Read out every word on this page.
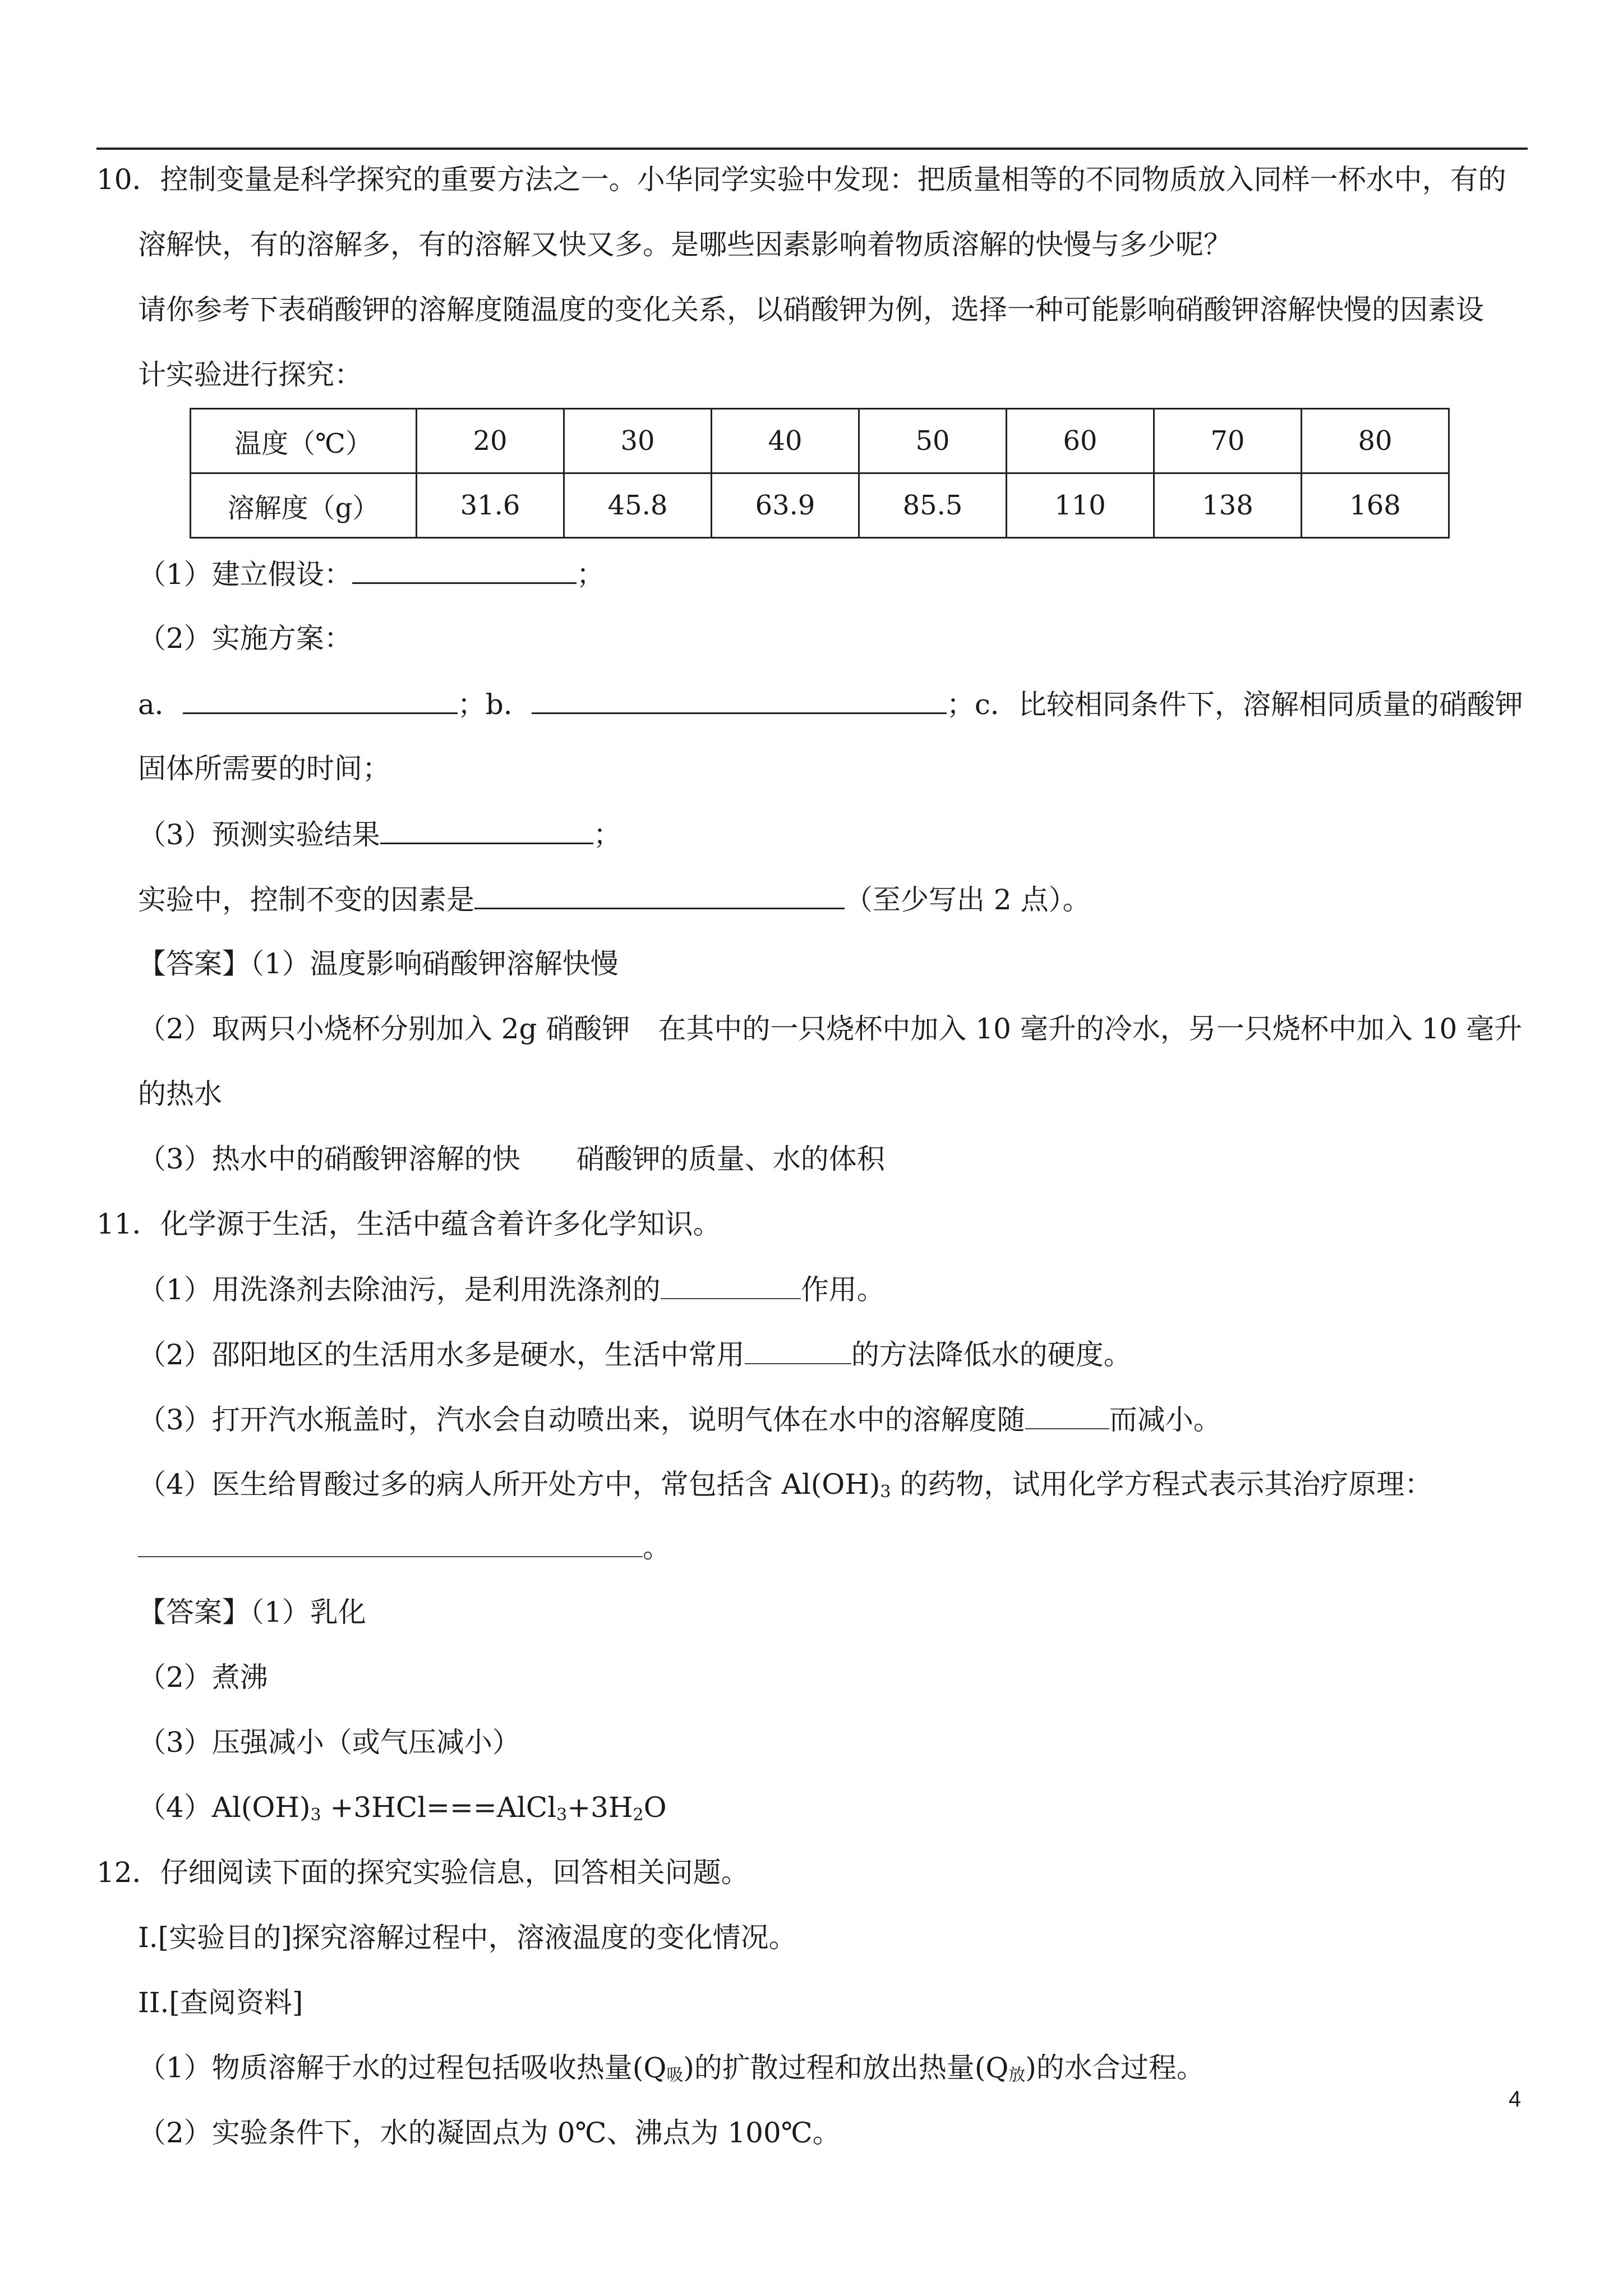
10．控制变量是科学探究的重要方法之一。小华同学实验中发现：把质量相等的不同物质放入同样一杯水中，有的
溶解快，有的溶解多，有的溶解又快又多。是哪些因素影响着物质溶解的快慢与多少呢？
请你参考下表硝酸钾的溶解度随温度的变化关系，以硝酸钾为例，选择一种可能影响硝酸钾溶解快慢的因素设
计实验进行探究：
温度（℃）	20	30	40	50	60	70	80
溶解度（g）	31.6	45.8	63.9	85.5	110	138	168
（1）建立假设：	；
（2）实施方案：
a．	；b．	；c．比较相同条件下，溶解相同质量的硝酸钾
固体所需要的时间；
（3）预测实验结果	；
实验中，控制不变的因素是	（至少写出 2 点）。
【答案】（1）温度影响硝酸钾溶解快慢
（2）取两只小烧杯分别加入 2g 硝酸钾　在其中的一只烧杯中加入 10 毫升的冷水，另一只烧杯中加入 10 毫升
的热水
（3）热水中的硝酸钾溶解的快　　硝酸钾的质量、水的体积
11．化学源于生活，生活中蕴含着许多化学知识。
（1）用洗涤剂去除油污，是利用洗涤剂的	作用。
（2）邵阳地区的生活用水多是硬水，生活中常用	的方法降低水的硬度。
（3）打开汽水瓶盖时，汽水会自动喷出来，说明气体在水中的溶解度随	而减小。
（4）医生给胃酸过多的病人所开处方中，常包括含 $Al(OH)_3$ 的药物，试用化学方程式表示其治疗原理：
。
【答案】（1）乳化
（2）煮沸
（3）压强减小（或气压减小）
$(4)Al(OH)_3$ $+3HCl===AlCl_3+3H_2O$
12．仔细阅读下面的探究实验信息，回答相关问题。
I.[实验目的]探究溶解过程中，溶液温度的变化情况。
II.[查阅资料]
（1）物质溶解于水的过程包括吸收热量$(Q_吸)$的扩散过程和放出热量$(Q_放)$的水合过程。
（2）实验条件下，水的凝固点为 0℃、沸点为 100℃。
4
